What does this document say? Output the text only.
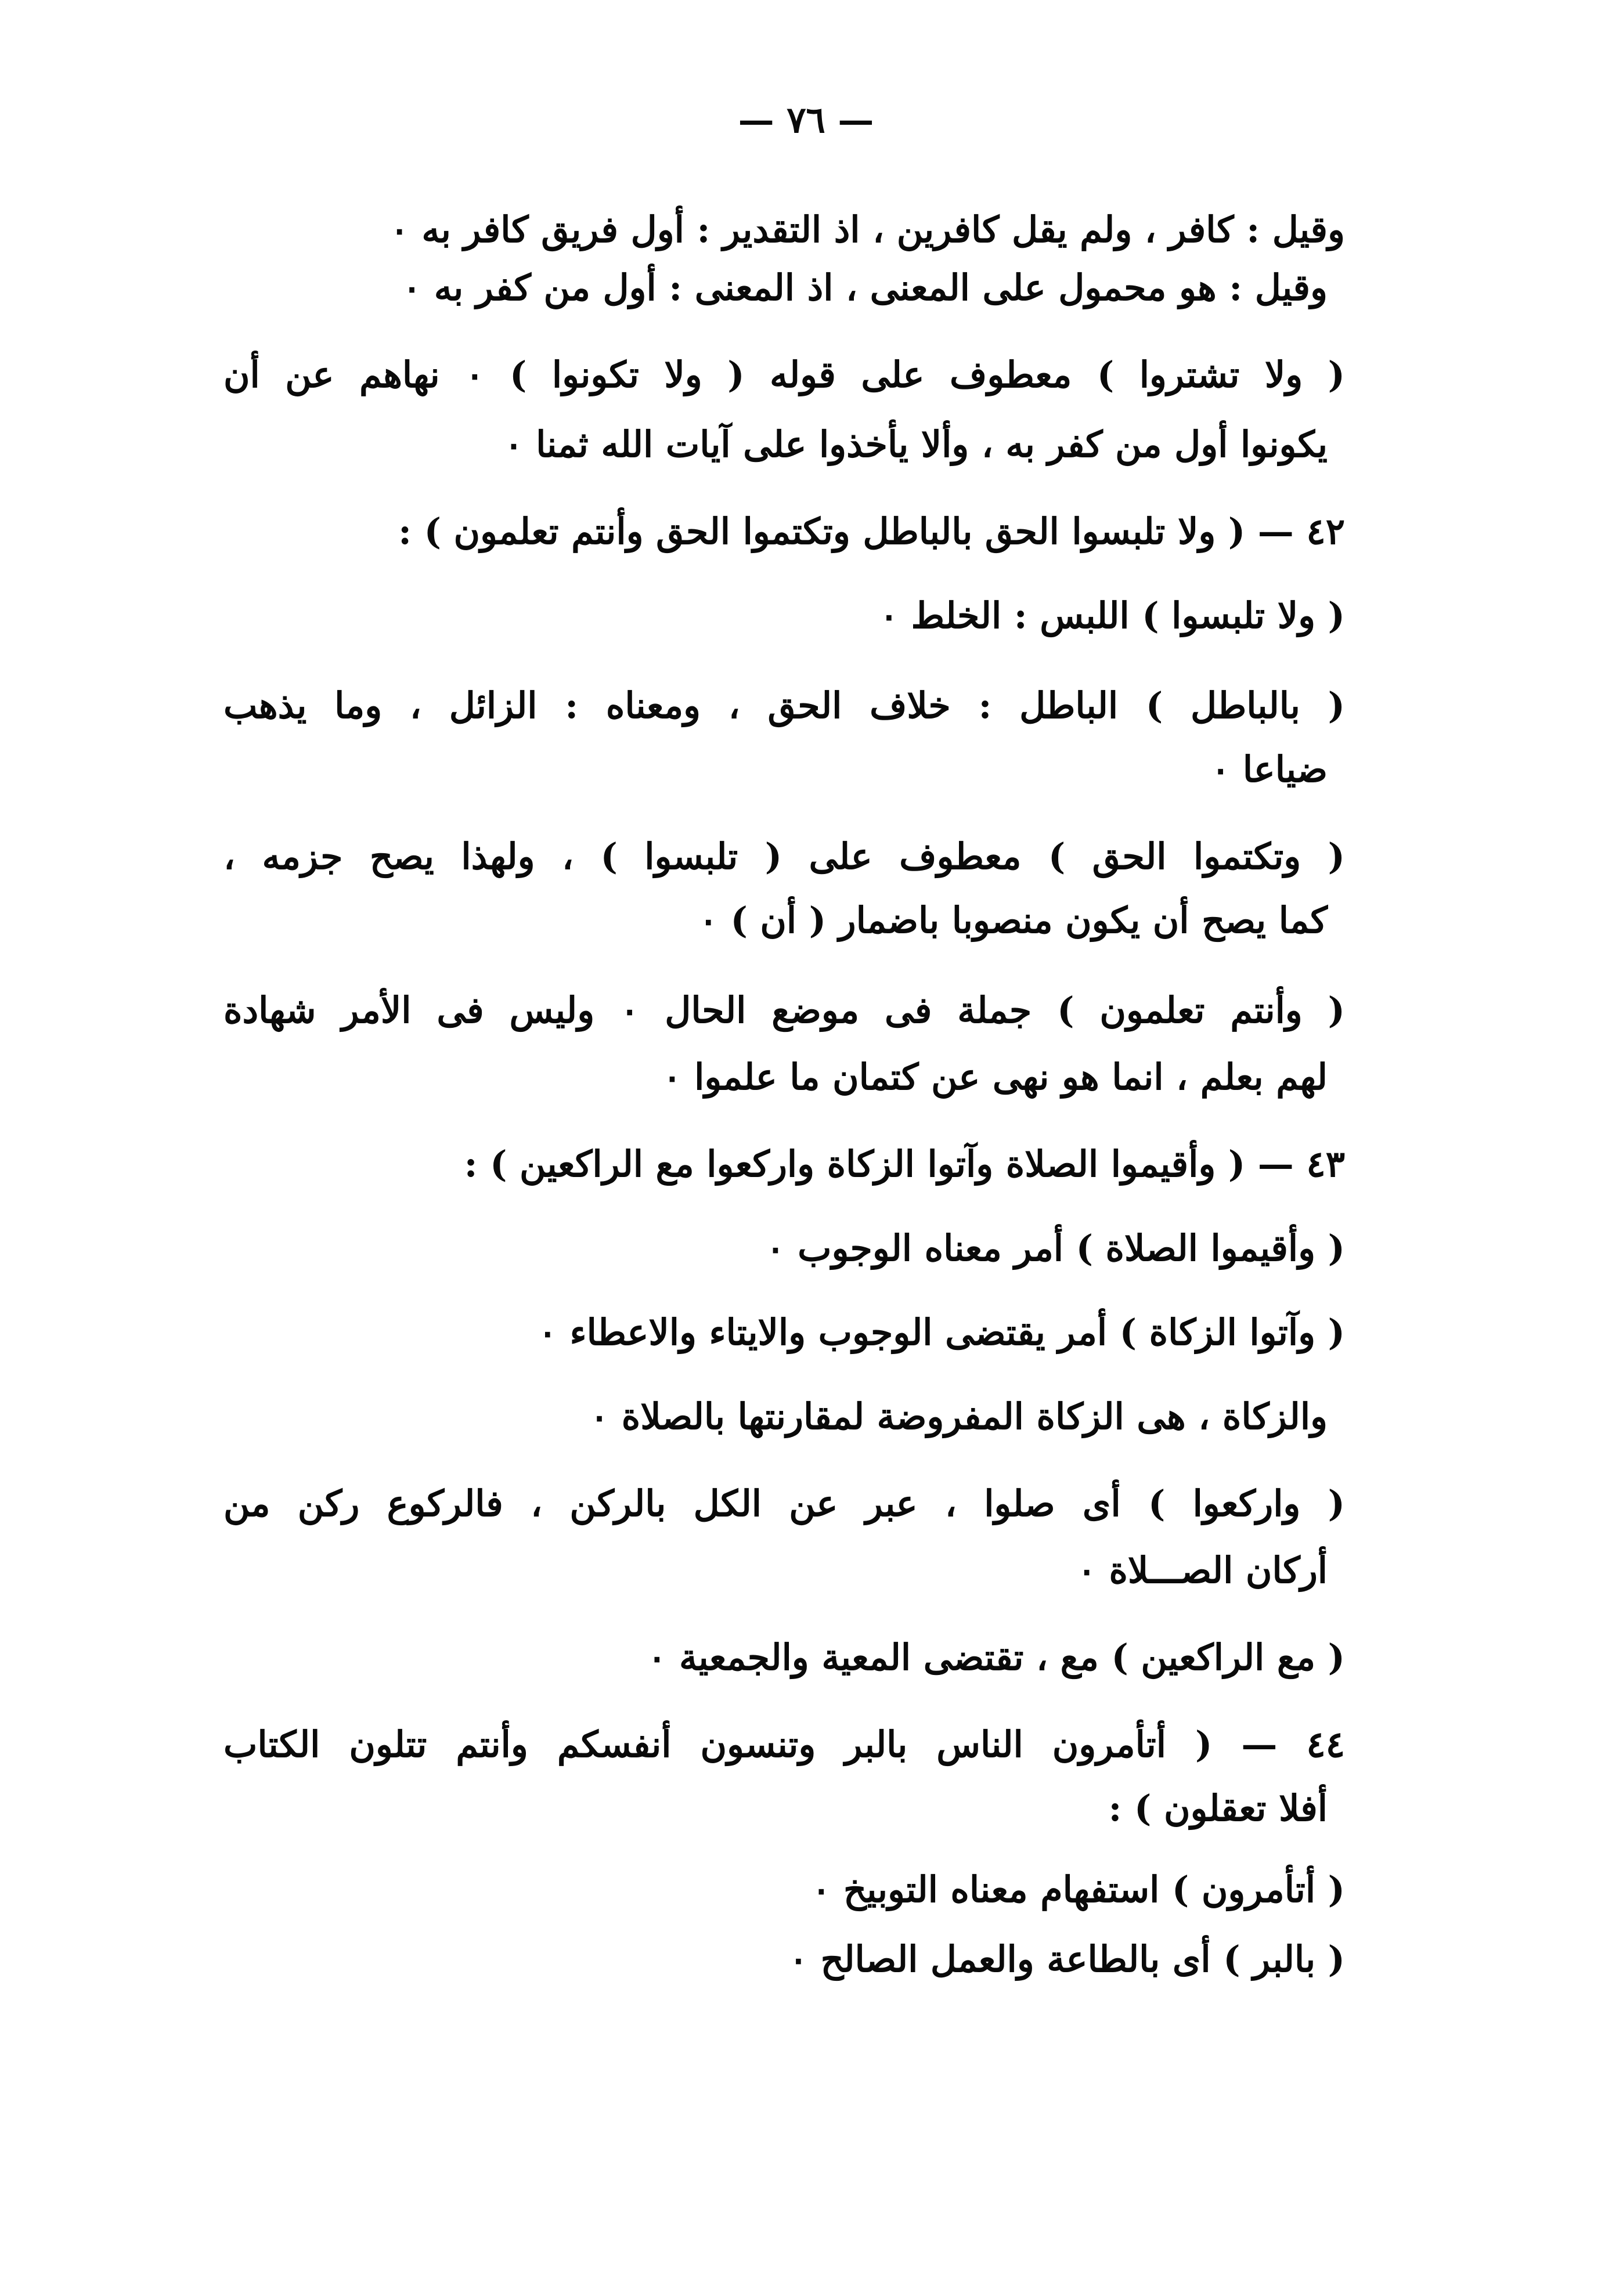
— ٧٦ —
وقيل : كافر ، ولم يقل كافرين ، اذ التقدير : أول فريق كافر به ٠
وقيل : هو محمول على المعنى ، اذ المعنى : أول من كفر به ٠
( ولا تشتروا ) معطوف على قوله ( ولا تكونوا ) ٠ نهاهم عن أن
يكونوا أول من كفر به ، وألا يأخذوا على آيات الله ثمنا ٠
٤٢ — ( ولا تلبسوا الحق بالباطل وتكتموا الحق وأنتم تعلمون ) :
( ولا تلبسوا ) اللبس : الخلط ٠
( بالباطل ) الباطل : خلاف الحق ، ومعناه : الزائل ، وما يذهب
ضياعا ٠
( وتكتموا الحق ) معطوف على ( تلبسوا ) ، ولهذا يصح جزمه ،
كما يصح أن يكون منصوبا باضمار ( أن ) ٠
( وأنتم تعلمون ) جملة فى موضع الحال ٠ وليس فى الأمر شهادة
لهم بعلم ، انما هو نهى عن كتمان ما علموا ٠
٤٣ — ( وأقيموا الصلاة وآتوا الزكاة واركعوا مع الراكعين ) :
( وأقيموا الصلاة ) أمر معناه الوجوب ٠
( وآتوا الزكاة ) أمر يقتضى الوجوب والايتاء والاعطاء ٠
والزكاة ، هى الزكاة المفروضة لمقارنتها بالصلاة ٠
( واركعوا ) أى صلوا ، عبر عن الكل بالركن ، فالركوع ركن من
أركان الصـــلاة ٠
( مع الراكعين ) مع ، تقتضى المعية والجمعية ٠
٤٤ — ( أتأمرون الناس بالبر وتنسون أنفسكم وأنتم تتلون الكتاب
أفلا تعقلون ) :
( أتأمرون ) استفهام معناه التوبيخ ٠
( بالبر ) أى بالطاعة والعمل الصالح ٠
